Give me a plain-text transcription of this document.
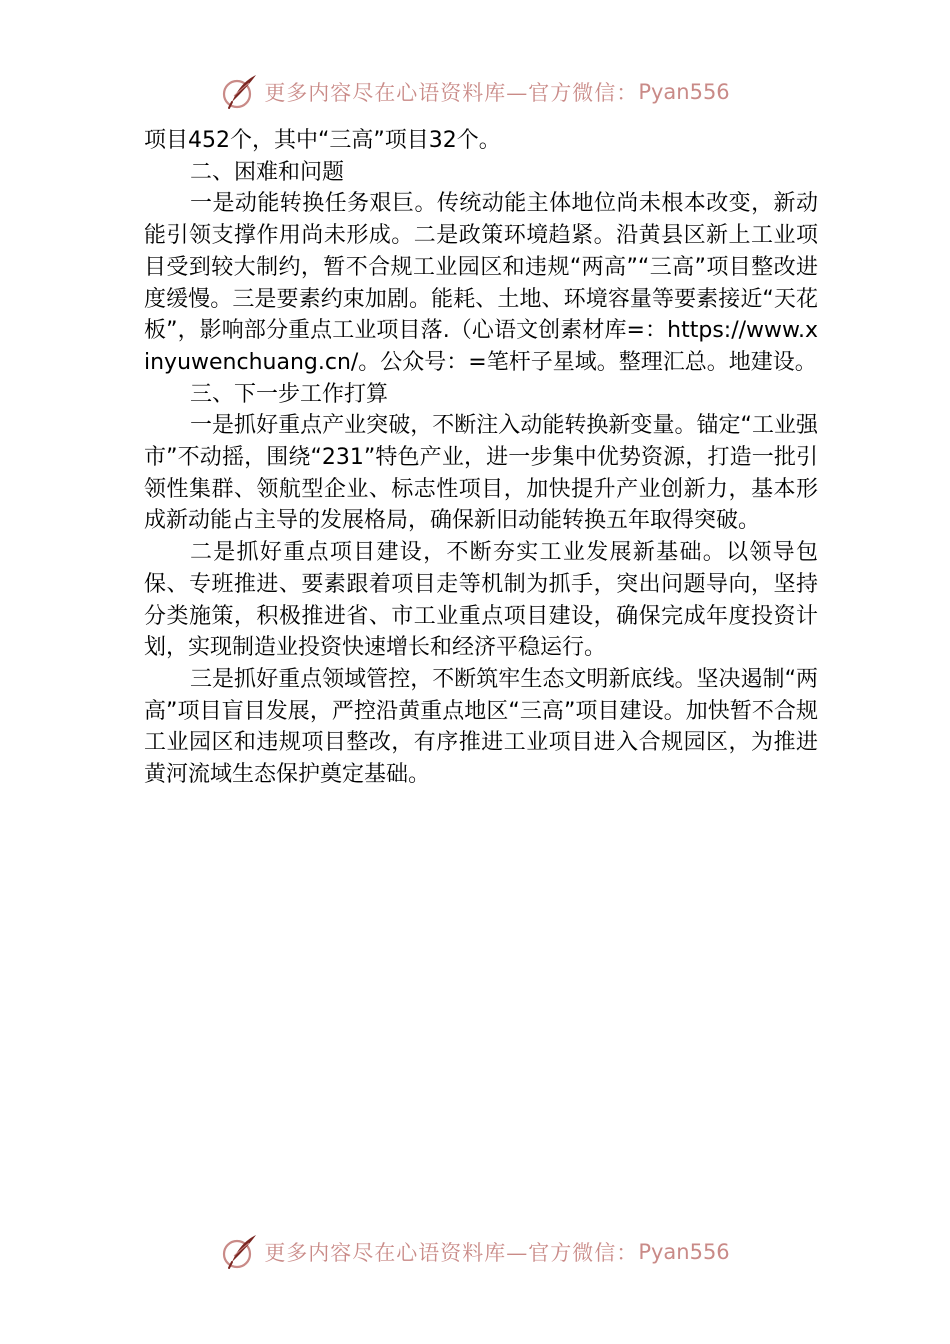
更多内容尽在心语资料库—官方微信： Pyan556

项目452个，其中“三高”项目32个。

二、困难和问题

一是动能转换任务艰巨。传统动能主体地位尚未根本改变，新动能引领支撑作用尚未形成。二是政策环境趋紧。沿黄县区新上工业项目受到较大制约，暂不合规工业园区和违规“两高”“三高”项目整改进度缓慢。三是要素约束加剧。能耗、土地、环境容量等要素接近“天花板”，影响部分重点工业项目落.（心语文创素材库=：https://www.xinyuwenchuang.cn/。公众号：=笔杆子星域。整理汇总。地建设。

三、下一步工作打算

一是抓好重点产业突破，不断注入动能转换新变量。锚定“工业强市”不动摇，围绕“231”特色产业，进一步集中优势资源，打造一批引领性集群、领航型企业、标志性项目，加快提升产业创新力，基本形成新动能占主导的发展格局，确保新旧动能转换五年取得突破。

二是抓好重点项目建设，不断夯实工业发展新基础。以领导包保、专班推进、要素跟着项目走等机制为抓手，突出问题导向，坚持分类施策，积极推进省、市工业重点项目建设，确保完成年度投资计划，实现制造业投资快速增长和经济平稳运行。

三是抓好重点领域管控，不断筑牢生态文明新底线。坚决遏制“两高”项目盲目发展，严控沿黄重点地区“三高”项目建设。加快暂不合规工业园区和违规项目整改，有序推进工业项目进入合规园区，为推进黄河流域生态保护奠定基础。

更多内容尽在心语资料库—官方微信： Pyan556
